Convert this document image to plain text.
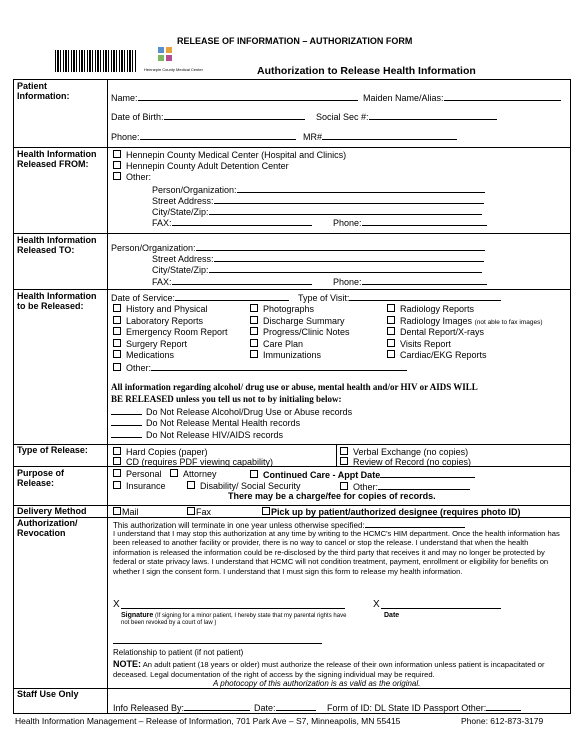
RELEASE OF INFORMATION – AUTHORIZATION FORM
Hennepin County Medical Center	Authorization to Release Health Information
Patient Information:	Name:	Maiden Name/Alias:
Date of Birth:	Social Sec #:
Phone:	MR#
Health Information Released FROM:
Hennepin County Medical Center (Hospital and Clinics)
Hennepin County Adult Detention Center
Other:
Person/Organization:
Street Address:
City/State/Zip:
FAX:	Phone:
Health Information Released TO:	Person/Organization:
Street Address:
City/State/Zip:
FAX:	Phone:
Health Information to be Released:
Date of Service:	Type of Visit:
History and Physical
Laboratory Reports
Emergency Room Report
Surgery Report
Medications
Other:
Photographs
Discharge Summary
Progress/Clinic Notes
Care Plan
Immunizations
Radiology Reports
Radiology Images (not able to fax images)
Dental Report/X-rays
Visits Report
Cardiac/EKG Reports
All information regarding alcohol/ drug use or abuse, mental health and/or HIV or AIDS WILL
BE RELEASED unless you tell us not to by initialing below:
Do Not Release Alcohol/Drug Use or Abuse records
Do Not Release Mental Health records
Do Not Release HIV/AIDS records
Type of Release:	Hard Copies (paper)
CD (requires PDF viewing capability)
Verbal Exchange (no copies)
Review of Record (no copies)
Purpose of Release:
Personal	Attorney	Continued Care - Appt Date
Insurance	Disability/ Social Security	Other:
There may be a charge/fee for copies of records.
Delivery Method	Mail	Fax	Pick up by patient/authorized designee (requires photo ID)
Authorization/ Revocation
This authorization will terminate in one year unless otherwise specified:
I understand that I may stop this authorization at any time by writing to the HCMC's HIM department. Once the health information has been released to another facility or provider, there is no way to cancel or stop the release. I understand that when the health information is released the information could be re-disclosed by the third party that receives it and may no longer be protected by federal or state privacy laws. I understand that HCMC will not condition treatment, payment, enrollment or eligibility for benefits on whether I sign the consent form. I understand that I must sign this form to release my health information.
X
Signature (If signing for a minor patient, I hereby state that my parental rights have not been revoked by a court of law )
X
Date
Relationship to patient (if not patient)
NOTE: An adult patient (18 years or older) must authorize the release of their own information unless patient is incapacitated or deceased. Legal documentation of the right of access by the signing individual may be required.
A photocopy of this authorization is as valid as the original.
Staff Use Only
Info Released By:	Date:	Form of ID: DL State ID Passport Other:
Health Information Management – Release of Information, 701 Park Ave – S7, Minneapolis, MN 55415	Phone: 612-873-3179
